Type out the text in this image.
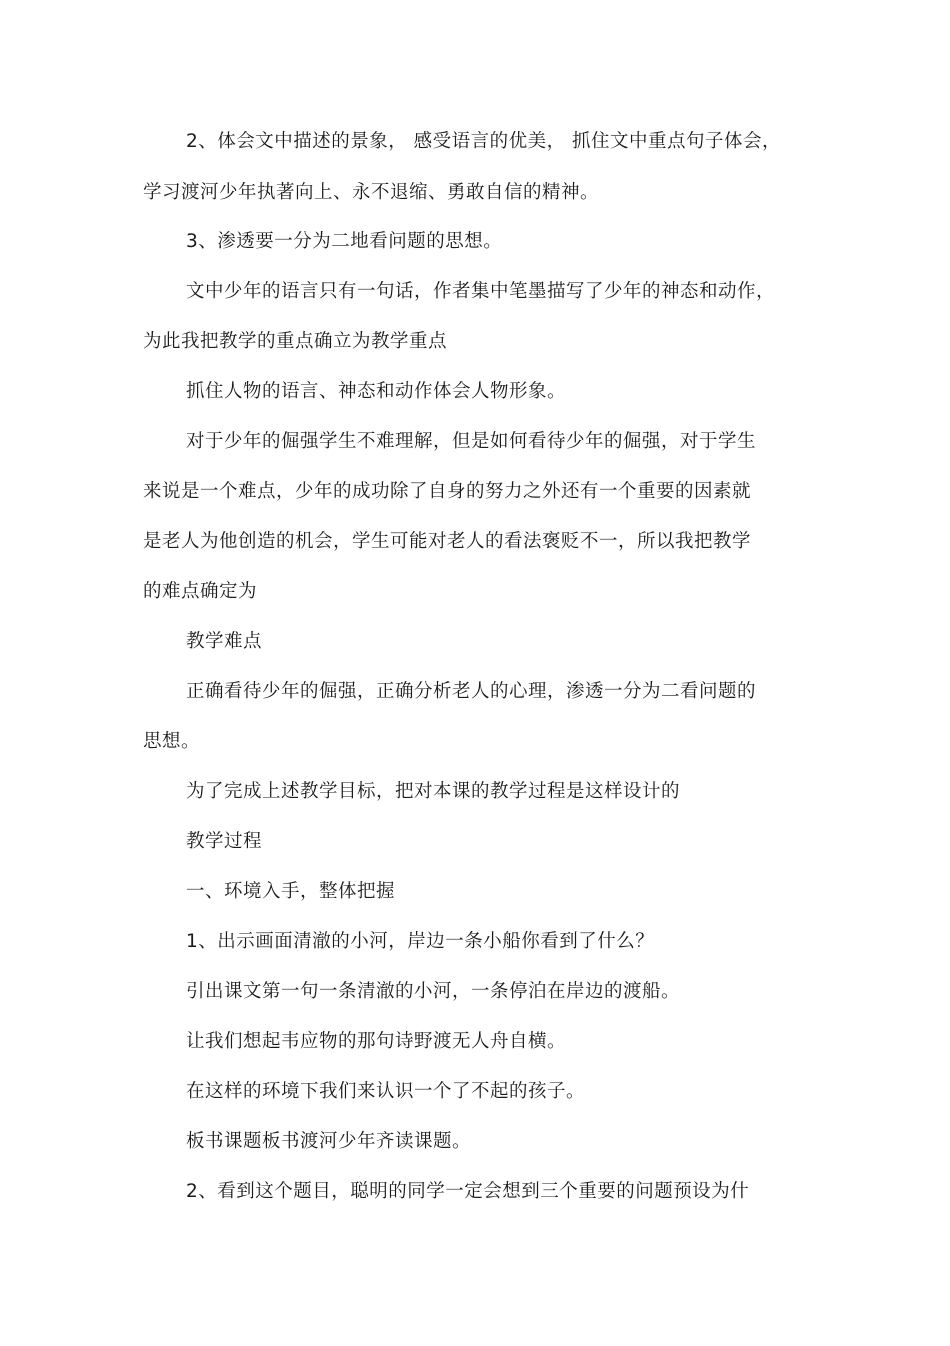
2、体会文中描述的景象， 感受语言的优美， 抓住文中重点句子体会，
学习渡河少年执著向上、永不退缩、勇敢自信的精神。
3、渗透要一分为二地看问题的思想。
文中少年的语言只有一句话，作者集中笔墨描写了少年的神态和动作，
为此我把教学的重点确立为教学重点
抓住人物的语言、神态和动作体会人物形象。
对于少年的倔强学生不难理解，但是如何看待少年的倔强，对于学生
来说是一个难点，少年的成功除了自身的努力之外还有一个重要的因素就
是老人为他创造的机会，学生可能对老人的看法褒贬不一，所以我把教学
的难点确定为
教学难点
正确看待少年的倔强，正确分析老人的心理，渗透一分为二看问题的
思想。
为了完成上述教学目标，把对本课的教学过程是这样设计的
教学过程
一、环境入手，整体把握
1、出示画面清澈的小河，岸边一条小船你看到了什么？
引出课文第一句一条清澈的小河，一条停泊在岸边的渡船。
让我们想起韦应物的那句诗野渡无人舟自横。
在这样的环境下我们来认识一个了不起的孩子。
板书课题板书渡河少年齐读课题。
2、看到这个题目，聪明的同学一定会想到三个重要的问题预设为什
